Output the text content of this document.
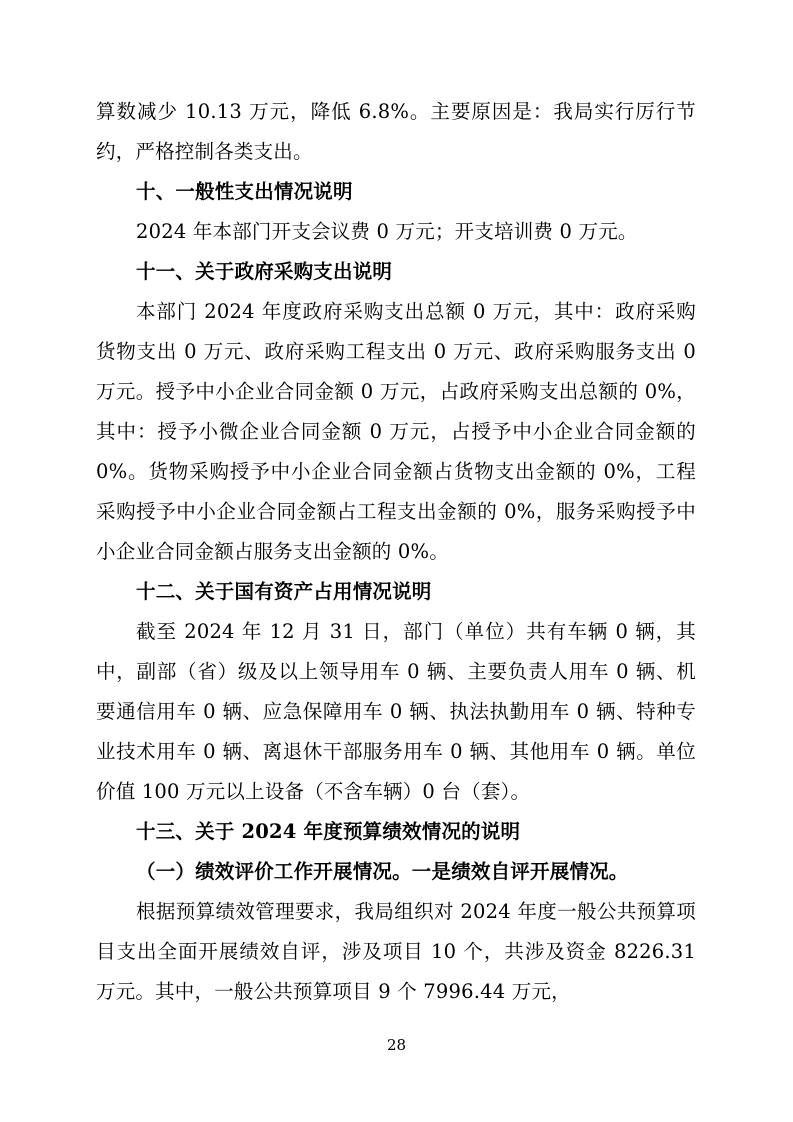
算数减少 10.13 万元，降低 6.8%。主要原因是：我局实行厉行节约，严格控制各类支出。

十、一般性支出情况说明

2024 年本部门开支会议费 0 万元；开支培训费 0 万元。

十一、关于政府采购支出说明

本部门 2024 年度政府采购支出总额 0 万元，其中：政府采购货物支出 0 万元、政府采购工程支出 0 万元、政府采购服务支出 0 万元。授予中小企业合同金额 0 万元，占政府采购支出总额的 0%，其中：授予小微企业合同金额 0 万元，占授予中小企业合同金额的 0%。货物采购授予中小企业合同金额占货物支出金额的 0%，工程采购授予中小企业合同金额占工程支出金额的 0%，服务采购授予中小企业合同金额占服务支出金额的 0%。

十二、关于国有资产占用情况说明

截至 2024 年 12 月 31 日，部门（单位）共有车辆 0 辆，其中，副部（省）级及以上领导用车 0 辆、主要负责人用车 0 辆、机要通信用车 0 辆、应急保障用车 0 辆、执法执勤用车 0 辆、特种专业技术用车 0 辆、离退休干部服务用车 0 辆、其他用车 0 辆。单位价值 100 万元以上设备（不含车辆）0 台（套）。

十三、关于 2024 年度预算绩效情况的说明

（一）绩效评价工作开展情况。一是绩效自评开展情况。

根据预算绩效管理要求，我局组织对 2024 年度一般公共预算项目支出全面开展绩效自评，涉及项目 10 个，共涉及资金 8226.31 万元。其中，一般公共预算项目 9 个 7996.44 万元，

28
